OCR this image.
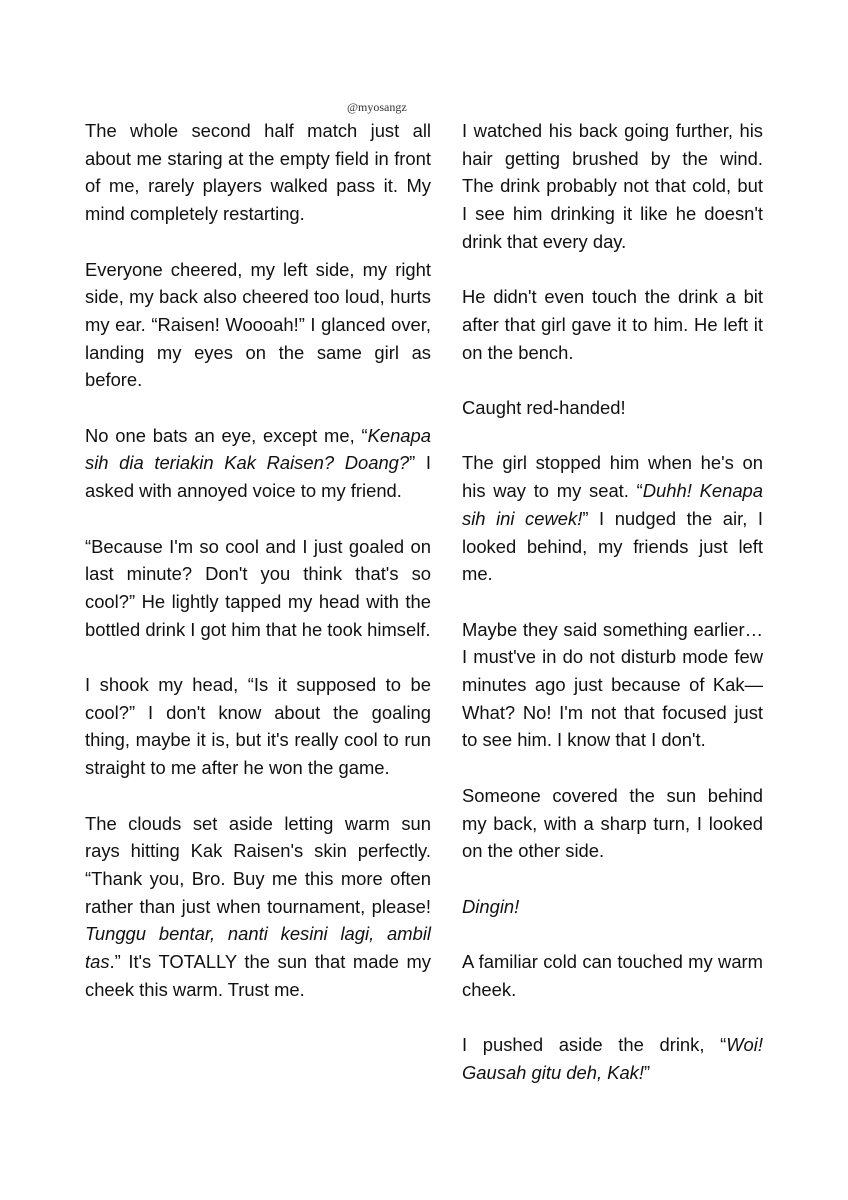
@myosangz

The whole second half match just all about me staring at the empty field in front of me, rarely players walked pass it. My mind completely restarting.

Everyone cheered, my left side, my right side, my back also cheered too loud, hurts my ear. “Raisen! Woooah!” I glanced over, landing my eyes on the same girl as before.

No one bats an eye, except me, “Kenapa sih dia teriakin Kak Raisen? Doang?” I asked with annoyed voice to my friend.

“Because I'm so cool and I just goaled on last minute? Don't you think that's so cool?” He lightly tapped my head with the bottled drink I got him that he took himself.

I shook my head, “Is it supposed to be cool?” I don't know about the goaling thing, maybe it is, but it's really cool to run straight to me after he won the game.

The clouds set aside letting warm sun rays hitting Kak Raisen's skin perfectly. “Thank you, Bro. Buy me this more often rather than just when tournament, please! Tunggu bentar, nanti kesini lagi, ambil tas.” It's TOTALLY the sun that made my cheek this warm. Trust me.

I watched his back going further, his hair getting brushed by the wind. The drink probably not that cold, but I see him drinking it like he doesn't drink that every day.

He didn't even touch the drink a bit after that girl gave it to him. He left it on the bench.

Caught red-handed!

The girl stopped him when he's on his way to my seat. “Duhh! Kenapa sih ini cewek!” I nudged the air, I looked behind, my friends just left me.

Maybe they said something earlier… I must've in do not disturb mode few minutes ago just because of Kak— What? No! I'm not that focused just to see him. I know that I don't.

Someone covered the sun behind my back, with a sharp turn, I looked on the other side.

Dingin!

A familiar cold can touched my warm cheek.

I pushed aside the drink, “Woi! Gausah gitu deh, Kak!”
